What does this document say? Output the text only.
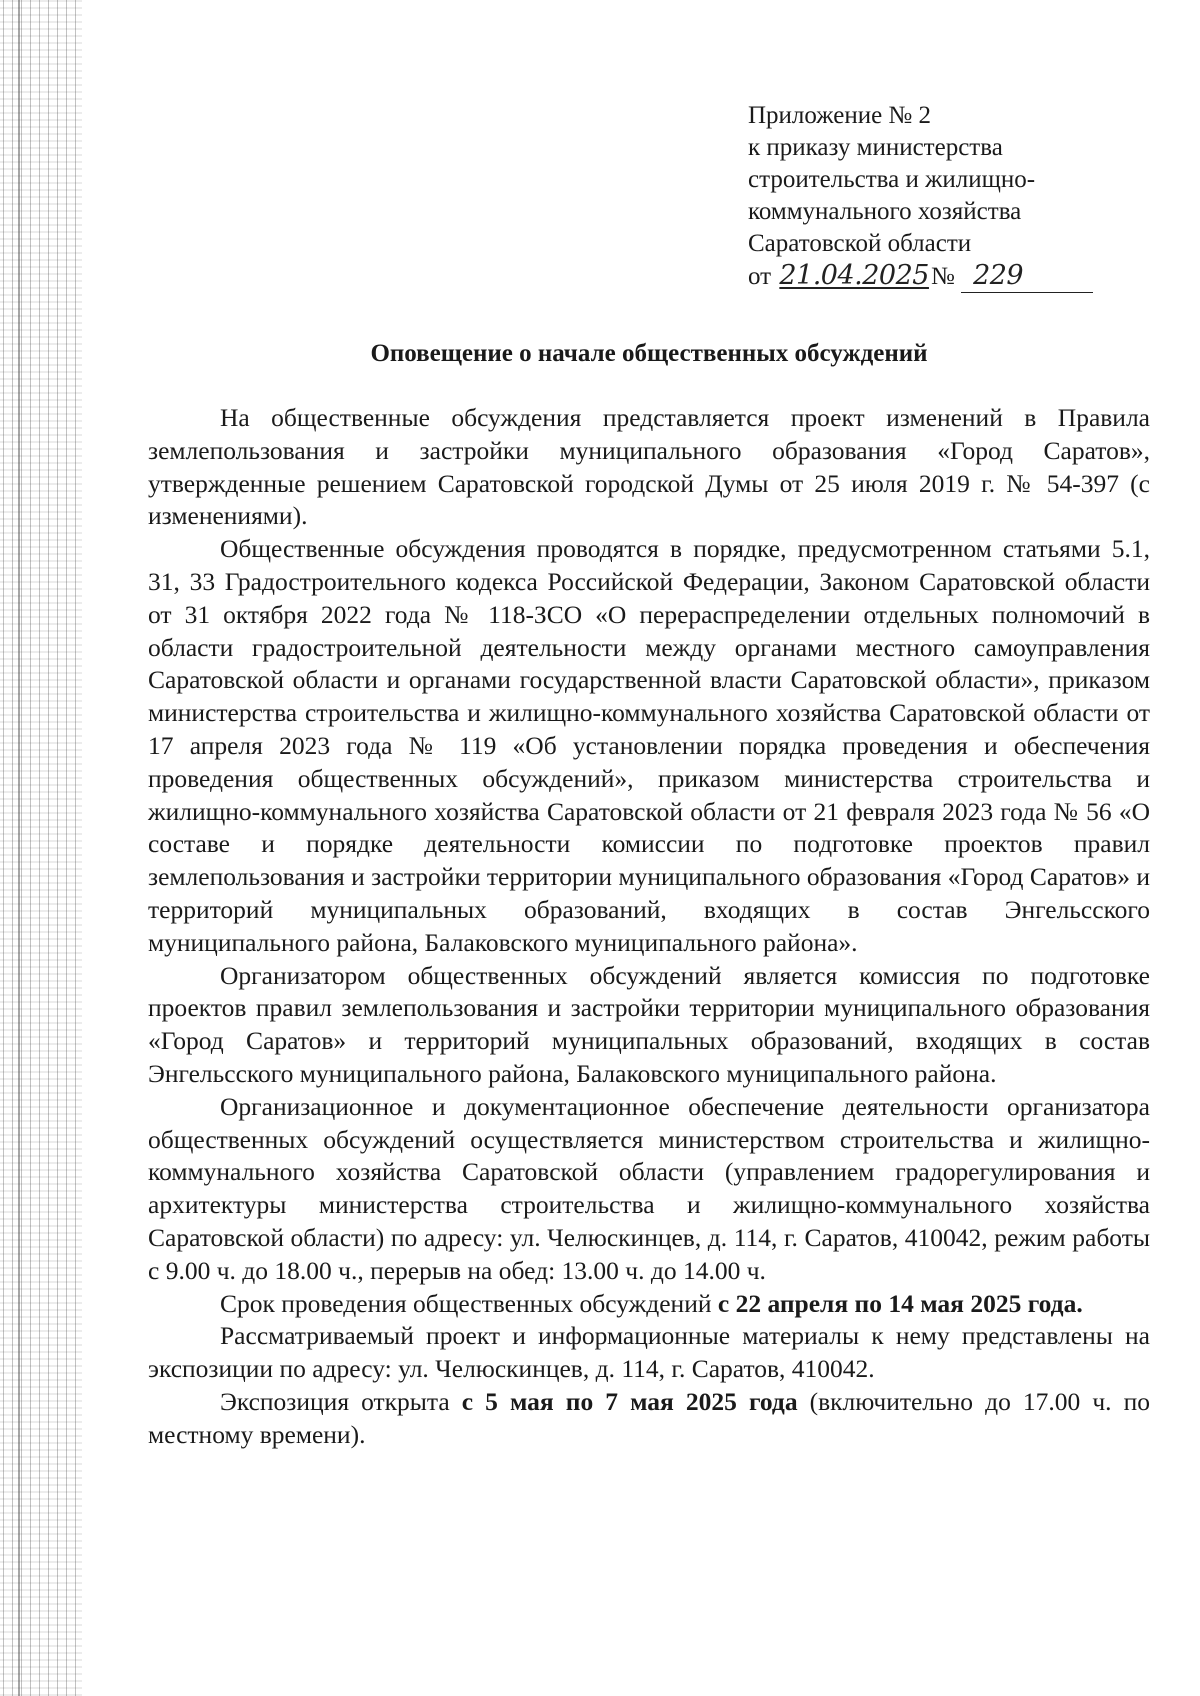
Приложение № 2
к приказу министерства
строительства и жилищно-
коммунального хозяйства
Саратовской области
от 21.04.2025№ 229
Оповещение о начале общественных обсуждений

На общественные обсуждения представляется проект изменений в Правила землепользования и застройки муниципального образования «Город Саратов», утвержденные решением Саратовской городской Думы от 25 июля 2019 г. № 54-397 (с изменениями).

Общественные обсуждения проводятся в порядке, предусмотренном статьями 5.1, 31, 33 Градостроительного кодекса Российской Федерации, Законом Саратовской области от 31 октября 2022 года № 118-ЗСО «О перераспределении отдельных полномочий в области градостроительной деятельности между органами местного самоуправления Саратовской области и органами государственной власти Саратовской области», приказом министерства строительства и жилищно-коммунального хозяйства Саратовской области от 17 апреля 2023 года № 119 «Об установлении порядка проведения и обеспечения проведения общественных обсуждений», приказом министерства строительства и жилищно-коммунального хозяйства Саратовской области от 21 февраля 2023 года № 56 «О составе и порядке деятельности комиссии по подготовке проектов правил землепользования и застройки территории муниципального образования «Город Саратов» и территорий муниципальных образований, входящих в состав Энгельсского муниципального района, Балаковского муниципального района».

Организатором общественных обсуждений является комиссия по подготовке проектов правил землепользования и застройки территории муниципального образования «Город Саратов» и территорий муниципальных образований, входящих в состав Энгельсского муниципального района, Балаковского муниципального района.

Организационное и документационное обеспечение деятельности организатора общественных обсуждений осуществляется министерством строительства и жилищно-коммунального хозяйства Саратовской области (управлением градорегулирования и архитектуры министерства строительства и жилищно-коммунального хозяйства Саратовской области) по адресу: ул. Челюскинцев, д. 114, г. Саратов, 410042, режим работы с 9.00 ч. до 18.00 ч., перерыв на обед: 13.00 ч. до 14.00 ч.

Срок проведения общественных обсуждений с 22 апреля по 14 мая 2025 года.

Рассматриваемый проект и информационные материалы к нему представлены на экспозиции по адресу: ул. Челюскинцев, д. 114, г. Саратов, 410042.

Экспозиция открыта с 5 мая по 7 мая 2025 года (включительно до 17.00 ч. по местному времени).
